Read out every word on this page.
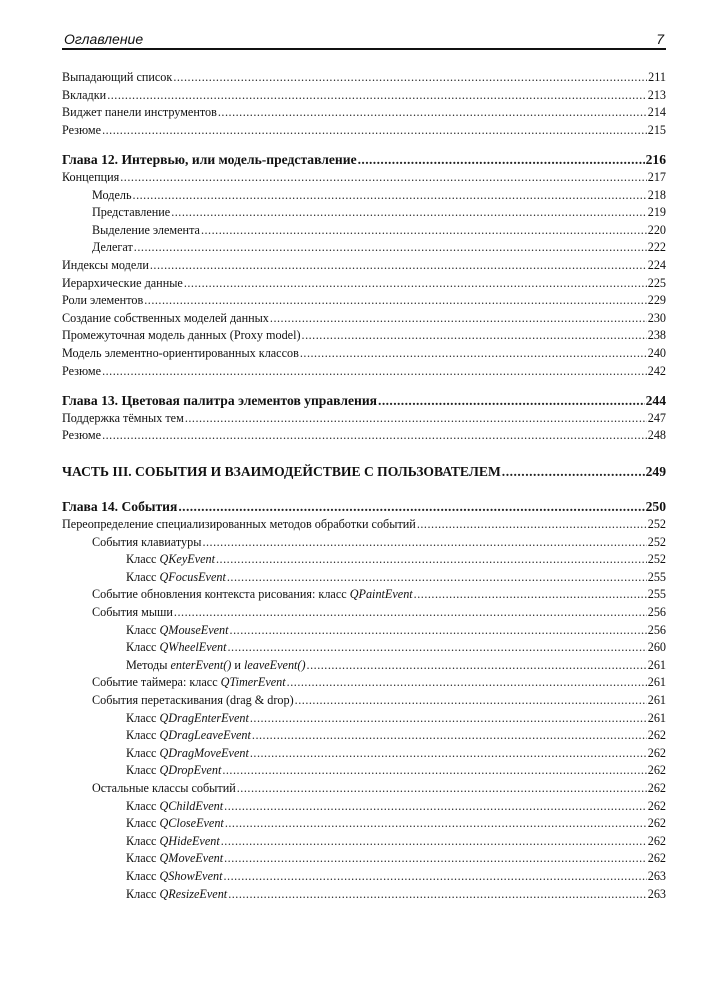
Оглавление	7
Выпадающий список .....	211
Вкладки .....	213
Виджет панели инструментов .....	214
Резюме .....	215
Глава 12. Интервью, или модель-представление .....	216
Концепция .....	217
Модель .....	218
Представление .....	219
Выделение элемента .....	220
Делегат .....	222
Индексы модели .....	224
Иерархические данные .....	225
Роли элементов .....	229
Создание собственных моделей данных .....	230
Промежуточная модель данных (Proxy model) .....	238
Модель элементно-ориентированных классов .....	240
Резюме .....	242
Глава 13. Цветовая палитра элементов управления .....	244
Поддержка тёмных тем .....	247
Резюме .....	248
ЧАСТЬ III. СОБЫТИЯ И ВЗАИМОДЕЙСТВИЕ С ПОЛЬЗОВАТЕЛЕМ .....	249
Глава 14. События .....	250
Переопределение специализированных методов обработки событий .....	252
События клавиатуры .....	252
Класс QKeyEvent .....	252
Класс QFocusEvent .....	255
Событие обновления контекста рисования: класс QPaintEvent .....	255
События мыши .....	256
Класс QMouseEvent .....	256
Класс QWheelEvent .....	260
Методы enterEvent() и leaveEvent() .....	261
Событие таймера: класс QTimerEvent .....	261
События перетаскивания (drag & drop) .....	261
Класс QDragEnterEvent .....	261
Класс QDragLeaveEvent .....	262
Класс QDragMoveEvent .....	262
Класс QDropEvent .....	262
Остальные классы событий .....	262
Класс QChildEvent .....	262
Класс QCloseEvent .....	262
Класс QHideEvent .....	262
Класс QMoveEvent .....	262
Класс QShowEvent .....	263
Класс QResizeEvent .....	263
